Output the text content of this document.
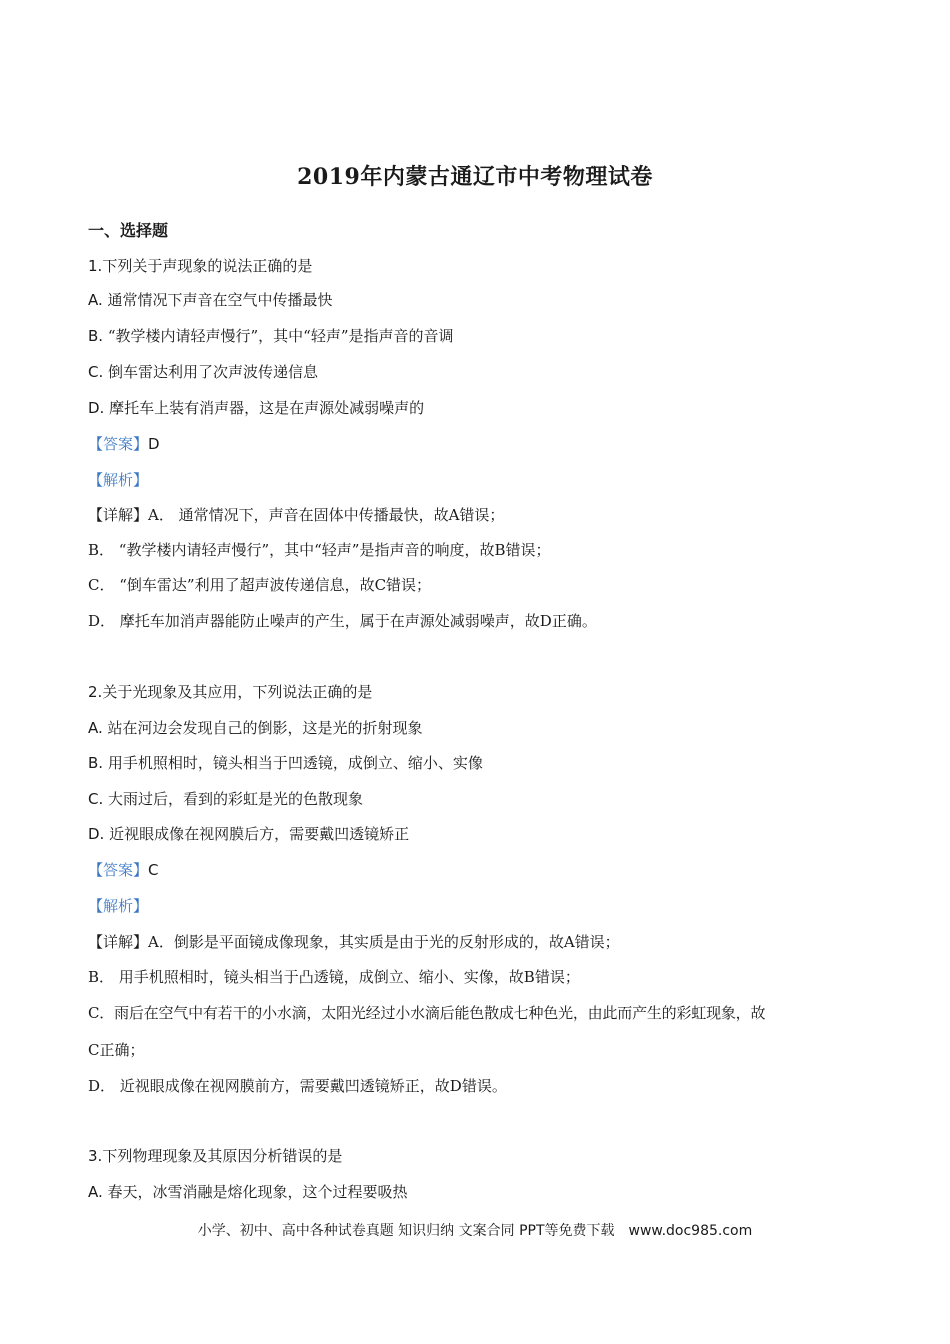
2019年内蒙古通辽市中考物理试卷
一、选择题
1.下列关于声现象的说法正确的是
A. 通常情况下声音在空气中传播最快
B. “教学楼内请轻声慢行”，其中“轻声”是指声音的音调
C. 倒车雷达利用了次声波传递信息
D. 摩托车上装有消声器，这是在声源处减弱噪声的
【答案】D
【解析】
【详解】A． 通常情况下，声音在固体中传播最快，故A错误；
B． “教学楼内请轻声慢行”，其中“轻声”是指声音的响度，故B错误；
C． “倒车雷达”利用了超声波传递信息，故C错误；
D． 摩托车加消声器能防止噪声的产生，属于在声源处减弱噪声，故D正确。
2.关于光现象及其应用，下列说法正确的是
A. 站在河边会发现自己的倒影，这是光的折射现象
B. 用手机照相时，镜头相当于凹透镜，成倒立、缩小、实像
C. 大雨过后，看到的彩虹是光的色散现象
D. 近视眼成像在视网膜后方，需要戴凹透镜矫正
【答案】C
【解析】
【详解】A．倒影是平面镜成像现象，其实质是由于光的反射形成的，故A错误；
B． 用手机照相时，镜头相当于凸透镜，成倒立、缩小、实像，故B错误；
C．雨后在空气中有若干的小水滴，太阳光经过小水滴后能色散成七种色光，由此而产生的彩虹现象，故
C正确；
D． 近视眼成像在视网膜前方，需要戴凹透镜矫正，故D错误。
3.下列物理现象及其原因分析错误的是
A. 春天，冰雪消融是熔化现象，这个过程要吸热
小学、初中、高中各种试卷真题 知识归纳 文案合同 PPT等免费下载 www.doc985.com
